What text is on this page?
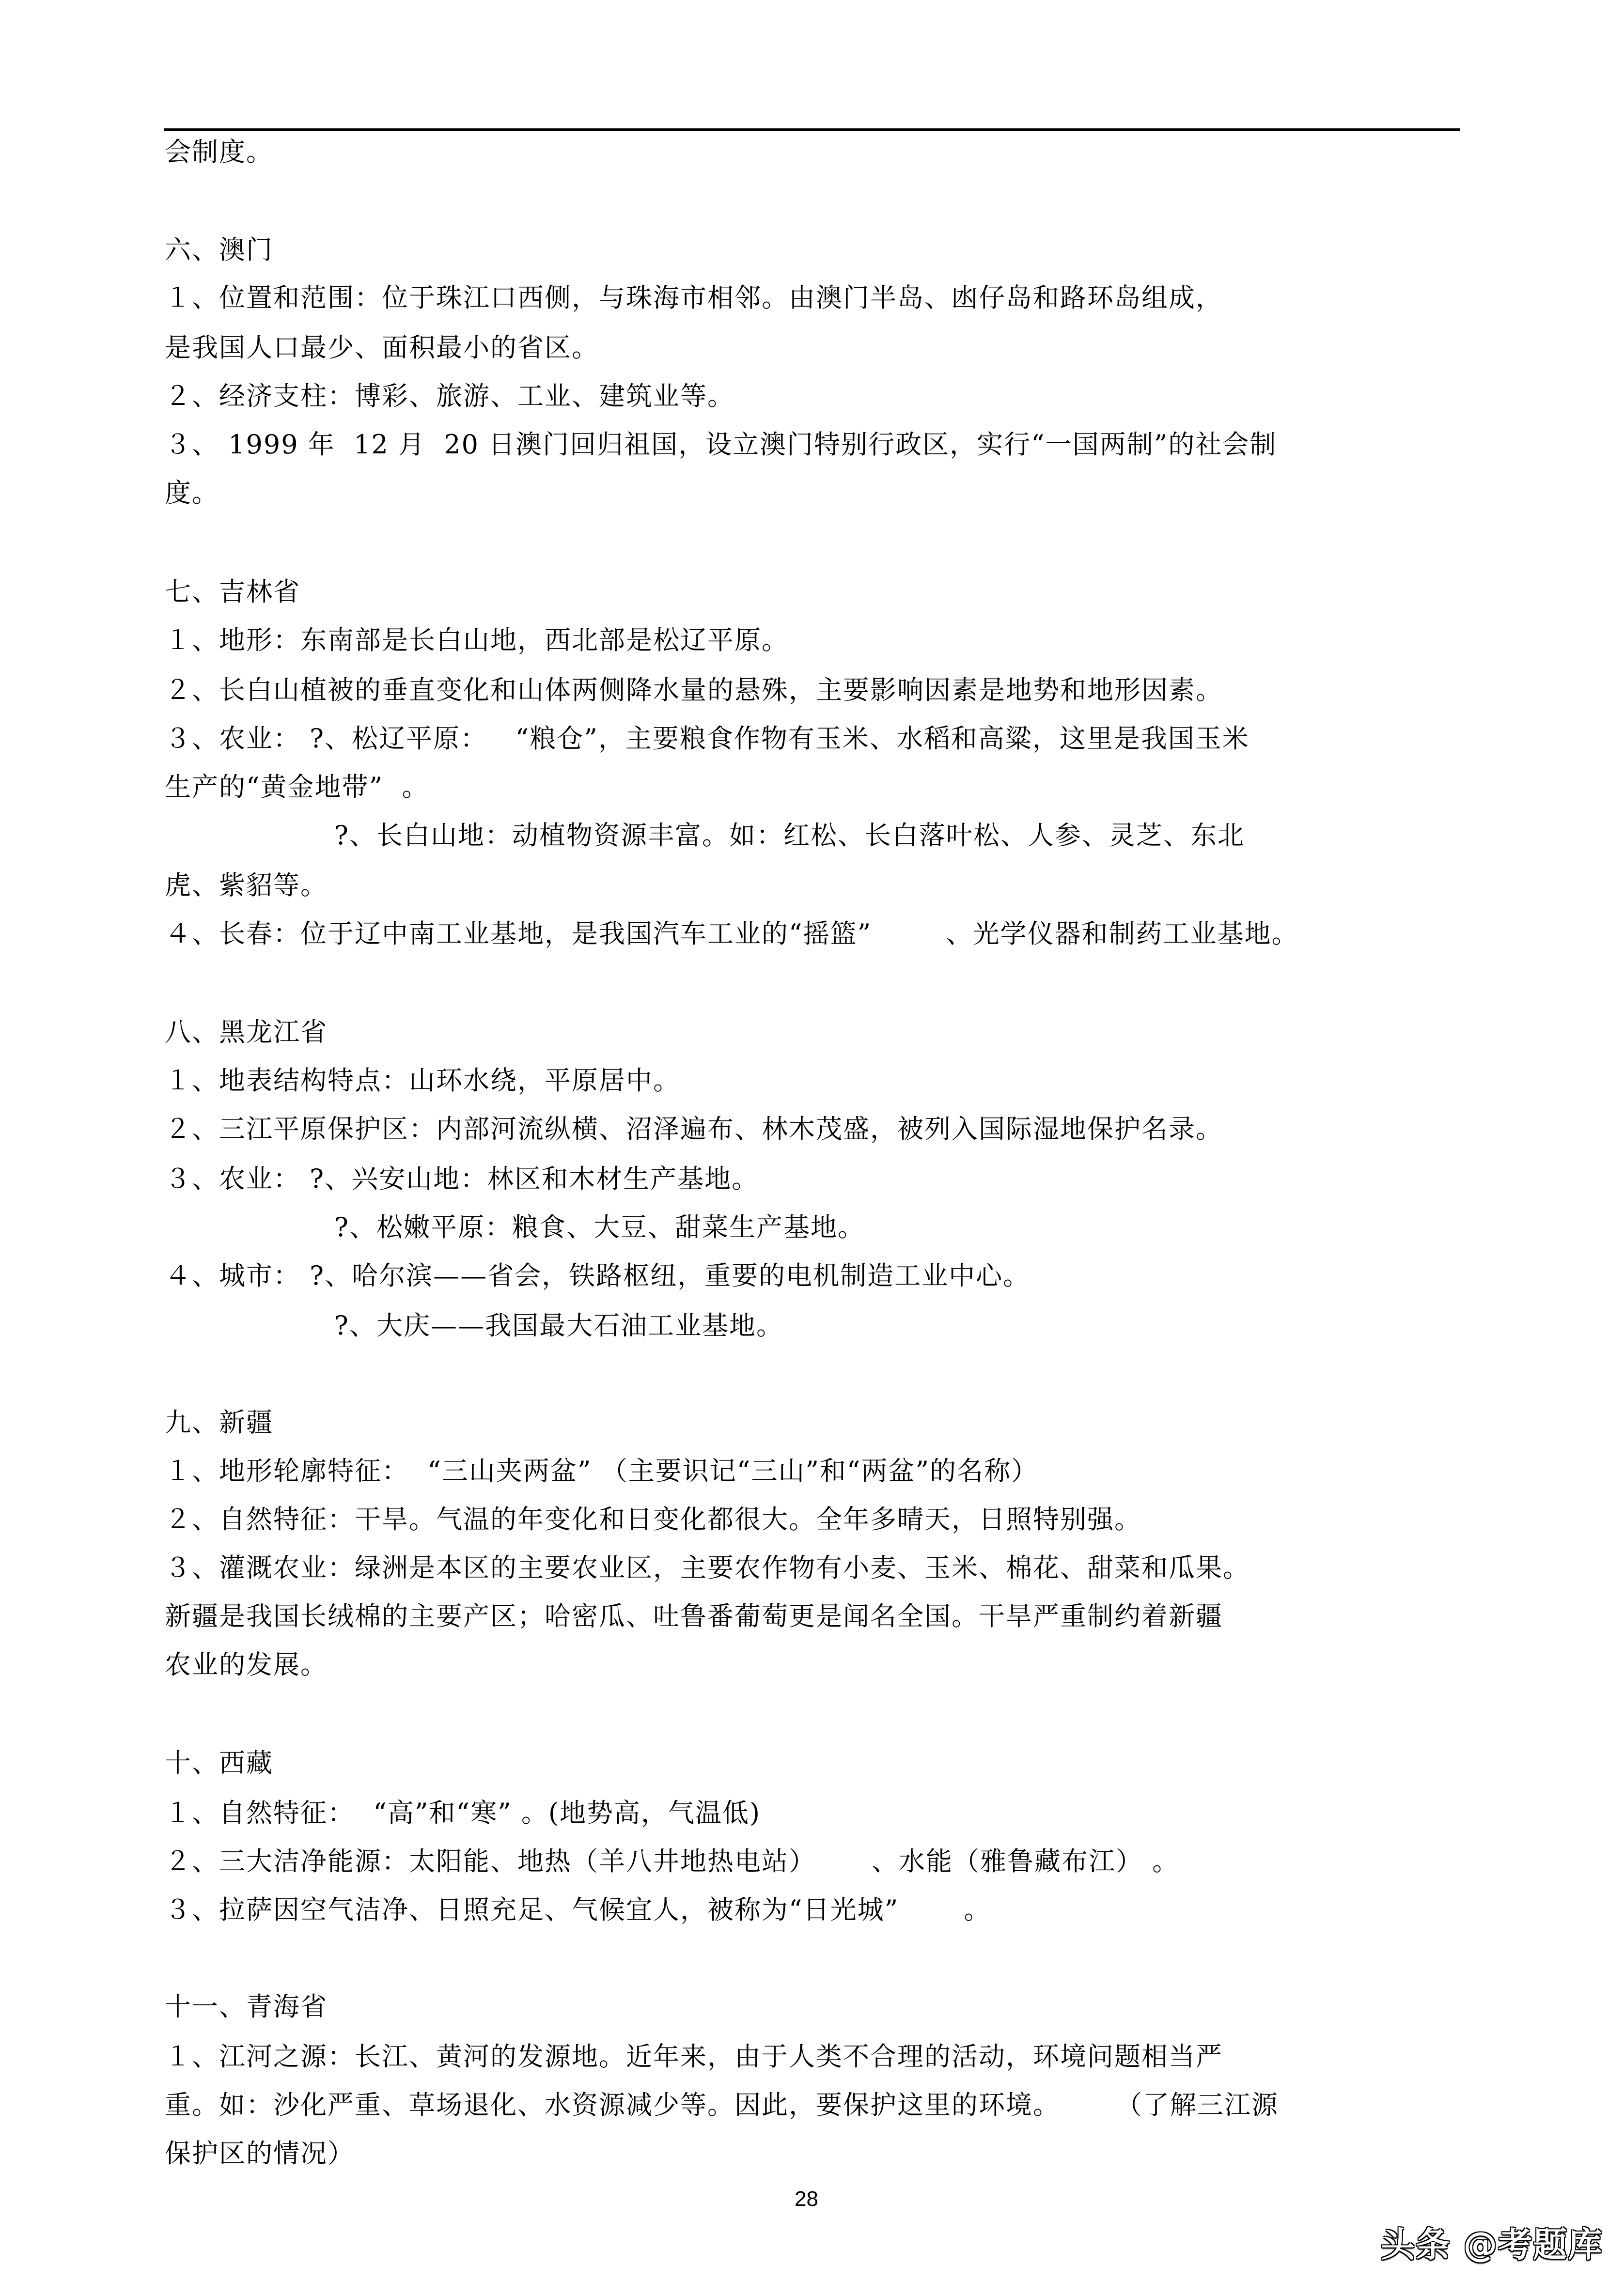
会制度。
六、澳门
１、位置和范围：位于珠江口西侧，与珠海市相邻。由澳门半岛、凼仔岛和路环岛组成，
是我国人口最少、面积最小的省区。
２、经济支柱：博彩、旅游、工业、建筑业等。
３、 1999 年  12 月  20 日澳门回归祖国，设立澳门特别行政区，实行“一国两制”的社会制
度。
七、吉林省
１、地形：东南部是长白山地，西北部是松辽平原。
２、长白山植被的垂直变化和山体两侧降水量的悬殊，主要影响因素是地势和地形因素。
３、农业： ?、松辽平原：   “粮仓”，主要粮食作物有玉米、水稻和高粱，这里是我国玉米
生产的“黄金地带”  。
?、长白山地：动植物资源丰富。如：红松、长白落叶松、人参、灵芝、东北
虎、紫貂等。
４、长春：位于辽中南工业基地，是我国汽车工业的“摇篮”        、光学仪器和制药工业基地。
八、黑龙江省
１、地表结构特点：山环水绕，平原居中。
２、三江平原保护区：内部河流纵横、沼泽遍布、林木茂盛，被列入国际湿地保护名录。
３、农业： ?、兴安山地：林区和木材生产基地。
?、松嫩平原：粮食、大豆、甜菜生产基地。
４、城市： ?、哈尔滨——省会，铁路枢纽，重要的电机制造工业中心。
?、大庆——我国最大石油工业基地。
九、新疆
１、地形轮廓特征：  “三山夹两盆” （主要识记“三山”和“两盆”的名称）
２、自然特征：干旱。气温的年变化和日变化都很大。全年多晴天，日照特别强。
３、灌溉农业：绿洲是本区的主要农业区，主要农作物有小麦、玉米、棉花、甜菜和瓜果。
新疆是我国长绒棉的主要产区；哈密瓜、吐鲁番葡萄更是闻名全国。干旱严重制约着新疆
农业的发展。
十、西藏
１、自然特征：  “高”和“寒” 。(地势高，气温低)
２、三大洁净能源：太阳能、地热（羊八井地热电站）      、水能（雅鲁藏布江） 。
３、拉萨因空气洁净、日照充足、气候宜人，被称为“日光城”       。
十一、青海省
１、江河之源：长江、黄河的发源地。近年来，由于人类不合理的活动，环境问题相当严
重。如：沙化严重、草场退化、水资源减少等。因此，要保护这里的环境。      （了解三江源
保护区的情况）
28
头条 @考题库
